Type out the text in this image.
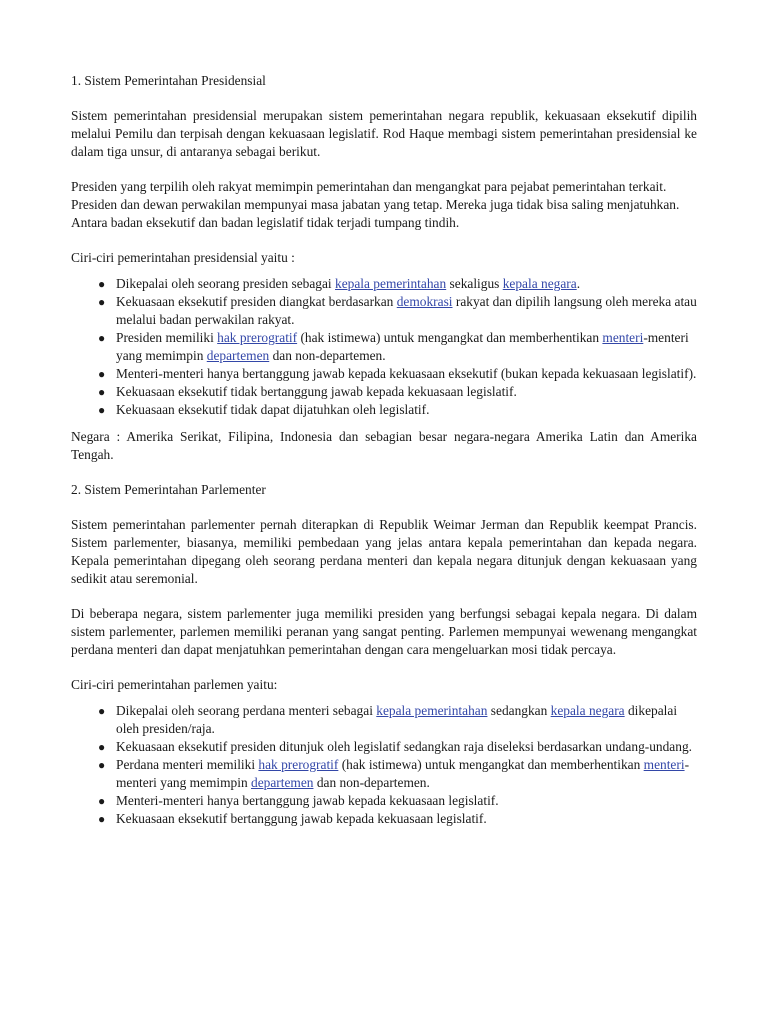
1. Sistem Pemerintahan Presidensial

Sistem pemerintahan presidensial merupakan sistem pemerintahan negara republik, kekuasaan eksekutif dipilih melalui Pemilu dan terpisah dengan kekuasaan legislatif. Rod Haque membagi sistem pemerintahan presidensial ke dalam tiga unsur, di antaranya sebagai berikut.

Presiden yang terpilih oleh rakyat memimpin pemerintahan dan mengangkat para pejabat pemerintahan terkait.

Presiden dan dewan perwakilan mempunyai masa jabatan yang tetap. Mereka juga tidak bisa saling menjatuhkan.

Antara badan eksekutif dan badan legislatif tidak terjadi tumpang tindih.

Ciri-ciri pemerintahan presidensial yaitu :

● Dikepalai oleh seorang presiden sebagai kepala pemerintahan sekaligus kepala negara.
● Kekuasaan eksekutif presiden diangkat berdasarkan demokrasi rakyat dan dipilih langsung oleh mereka atau melalui badan perwakilan rakyat.
● Presiden memiliki hak prerogratif (hak istimewa) untuk mengangkat dan memberhentikan menteri-menteri yang memimpin departemen dan non-departemen.
● Menteri-menteri hanya bertanggung jawab kepada kekuasaan eksekutif (bukan kepada kekuasaan legislatif).
● Kekuasaan eksekutif tidak bertanggung jawab kepada kekuasaan legislatif.
● Kekuasaan eksekutif tidak dapat dijatuhkan oleh legislatif.

Negara : Amerika Serikat, Filipina, Indonesia dan sebagian besar negara-negara Amerika Latin dan Amerika Tengah.

2. Sistem Pemerintahan Parlementer

Sistem pemerintahan parlementer pernah diterapkan di Republik Weimar Jerman dan Republik keempat Prancis. Sistem parlementer, biasanya, memiliki pembedaan yang jelas antara kepala pemerintahan dan kepada negara. Kepala pemerintahan dipegang oleh seorang perdana menteri dan kepala negara ditunjuk dengan kekuasaan yang sedikit atau seremonial.

Di beberapa negara, sistem parlementer juga memiliki presiden yang berfungsi sebagai kepala negara. Di dalam sistem parlementer, parlemen memiliki peranan yang sangat penting. Parlemen mempunyai wewenang mengangkat perdana menteri dan dapat menjatuhkan pemerintahan dengan cara mengeluarkan mosi tidak percaya.

Ciri-ciri pemerintahan parlemen yaitu:

● Dikepalai oleh seorang perdana menteri sebagai kepala pemerintahan sedangkan kepala negara dikepalai oleh presiden/raja.
● Kekuasaan eksekutif presiden ditunjuk oleh legislatif sedangkan raja diseleksi berdasarkan undang-undang.
● Perdana menteri memiliki hak prerogratif (hak istimewa) untuk mengangkat dan memberhentikan menteri-menteri yang memimpin departemen dan non-departemen.
● Menteri-menteri hanya bertanggung jawab kepada kekuasaan legislatif.
● Kekuasaan eksekutif bertanggung jawab kepada kekuasaan legislatif.
